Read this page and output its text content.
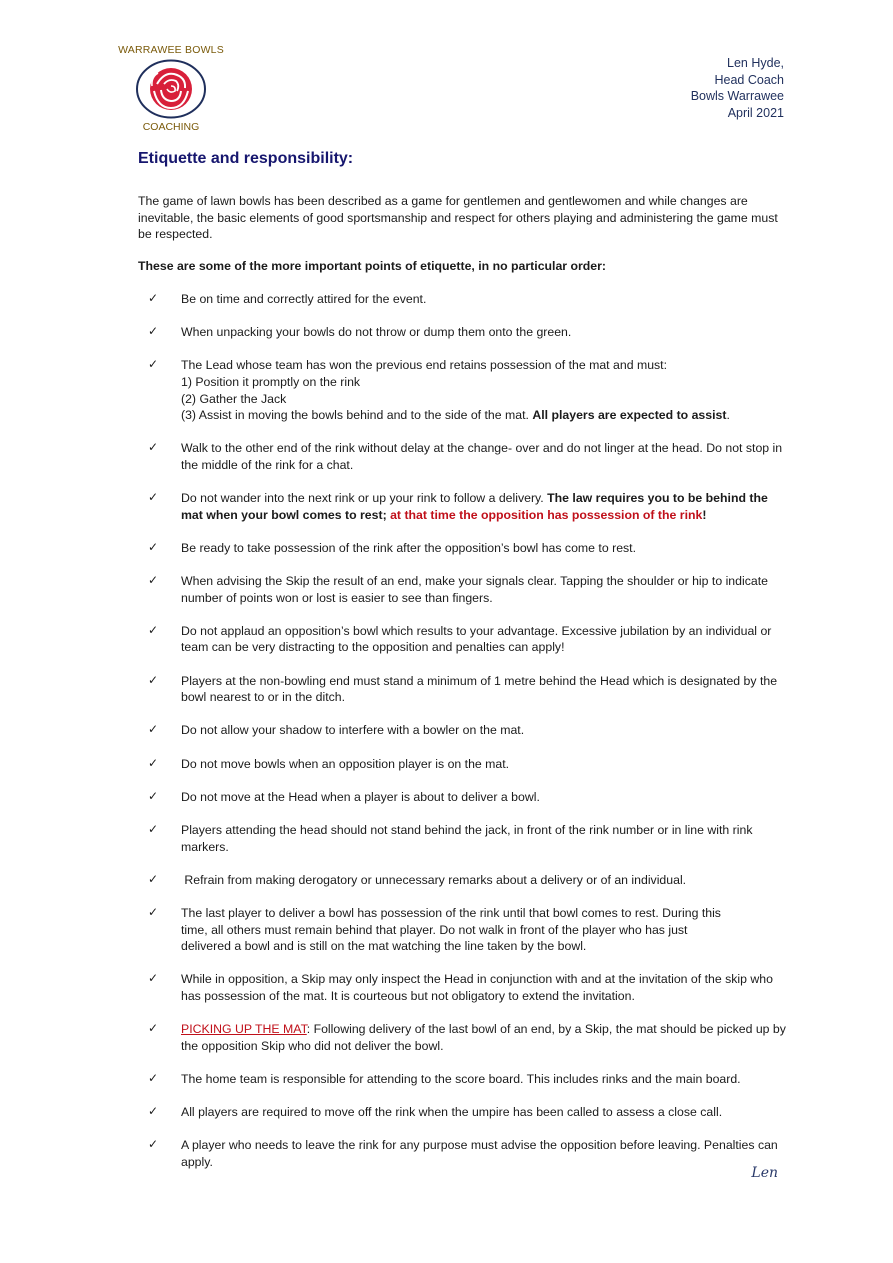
WARRAWEE BOWLS
COACHING
Len Hyde,
Head Coach
Bowls Warrawee
April 2021
Etiquette and responsibility:
The game of lawn bowls has been described as a game for gentlemen and gentlewomen and while changes are inevitable, the basic elements of good sportsmanship and respect for others playing and administering the game must be respected.
These are some of the more important points of etiquette, in no particular order:
✓ Be on time and correctly attired for the event.
✓ When unpacking your bowls do not throw or dump them onto the green.
✓ The Lead whose team has won the previous end retains possession of the mat and must:
1) Position it promptly on the rink
(2) Gather the Jack
(3) Assist in moving the bowls behind and to the side of the mat. All players are expected to assist.
✓ Walk to the other end of the rink without delay at the change- over and do not linger at the head. Do not stop in the middle of the rink for a chat.
✓ Do not wander into the next rink or up your rink to follow a delivery. The law requires you to be behind the mat when your bowl comes to rest; at that time the opposition has possession of the rink!
✓ Be ready to take possession of the rink after the opposition’s bowl has come to rest.
✓ When advising the Skip the result of an end, make your signals clear. Tapping the shoulder or hip to indicate number of points won or lost is easier to see than fingers.
✓ Do not applaud an opposition’s bowl which results to your advantage. Excessive jubilation by an individual or team can be very distracting to the opposition and penalties can apply!
✓ Players at the non-bowling end must stand a minimum of 1 metre behind the Head which is designated by the bowl nearest to or in the ditch.
✓ Do not allow your shadow to interfere with a bowler on the mat.
✓ Do not move bowls when an opposition player is on the mat.
✓ Do not move at the Head when a player is about to deliver a bowl.
✓ Players attending the head should not stand behind the jack, in front of the rink number or in line with rink markers.
✓ Refrain from making derogatory or unnecessary remarks about a delivery or of an individual.
✓ The last player to deliver a bowl has possession of the rink until that bowl comes to rest. During this
time, all others must remain behind that player. Do not walk in front of the player who has just
delivered a bowl and is still on the mat watching the line taken by the bowl.
✓ While in opposition, a Skip may only inspect the Head in conjunction with and at the invitation of the skip who has possession of the mat. It is courteous but not obligatory to extend the invitation.
✓ PICKING UP THE MAT: Following delivery of the last bowl of an end, by a Skip, the mat should be picked up by the opposition Skip who did not deliver the bowl.
✓ The home team is responsible for attending to the score board. This includes rinks and the main board.
✓ All players are required to move off the rink when the umpire has been called to assess a close call.
✓ A player who needs to leave the rink for any purpose must advise the opposition before leaving. Penalties can apply.
Len
